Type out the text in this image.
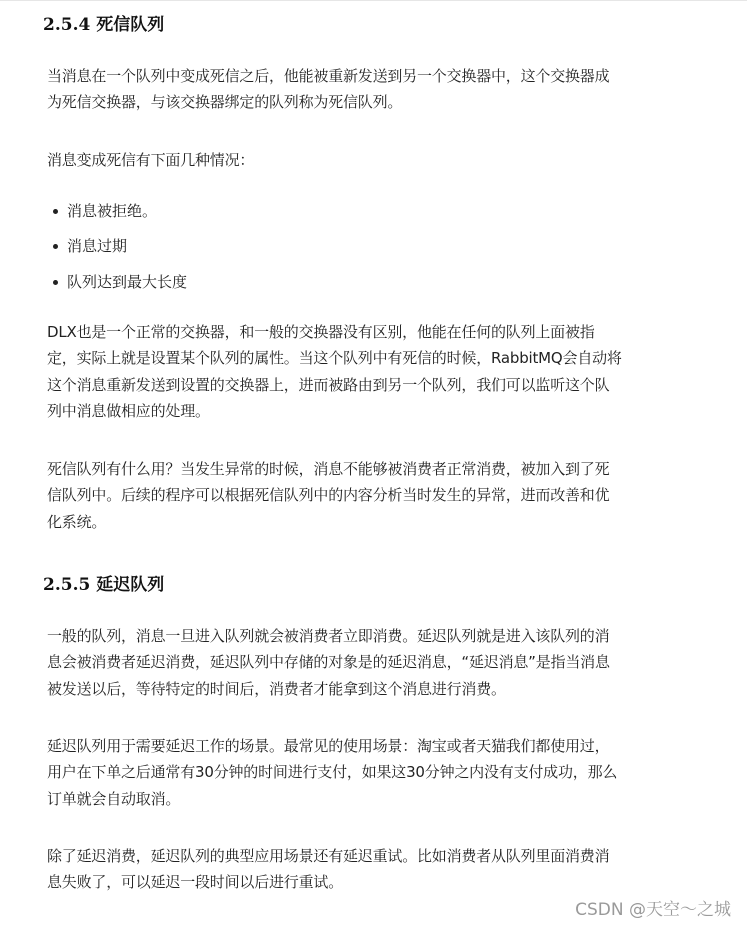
2.5.4 死信队列
当消息在一个队列中变成死信之后，他能被重新发送到另一个交换器中，这个交换器成
为死信交换器，与该交换器绑定的队列称为死信队列。
消息变成死信有下面几种情况：
消息被拒绝。
消息过期
队列达到最大长度
DLX也是一个正常的交换器，和一般的交换器没有区别，他能在任何的队列上面被指
定，实际上就是设置某个队列的属性。当这个队列中有死信的时候，RabbitMQ会自动将
这个消息重新发送到设置的交换器上，进而被路由到另一个队列，我们可以监听这个队
列中消息做相应的处理。
死信队列有什么用？当发生异常的时候，消息不能够被消费者正常消费，被加入到了死
信队列中。后续的程序可以根据死信队列中的内容分析当时发生的异常，进而改善和优
化系统。
2.5.5 延迟队列
一般的队列，消息一旦进入队列就会被消费者立即消费。延迟队列就是进入该队列的消
息会被消费者延迟消费，延迟队列中存储的对象是的延迟消息，“延迟消息”是指当消息
被发送以后，等待特定的时间后，消费者才能拿到这个消息进行消费。
延迟队列用于需要延迟工作的场景。最常见的使用场景：淘宝或者天猫我们都使用过，
用户在下单之后通常有30分钟的时间进行支付，如果这30分钟之内没有支付成功，那么
订单就会自动取消。
除了延迟消费，延迟队列的典型应用场景还有延迟重试。比如消费者从队列里面消费消
息失败了，可以延迟一段时间以后进行重试。
CSDN @天空～之城
